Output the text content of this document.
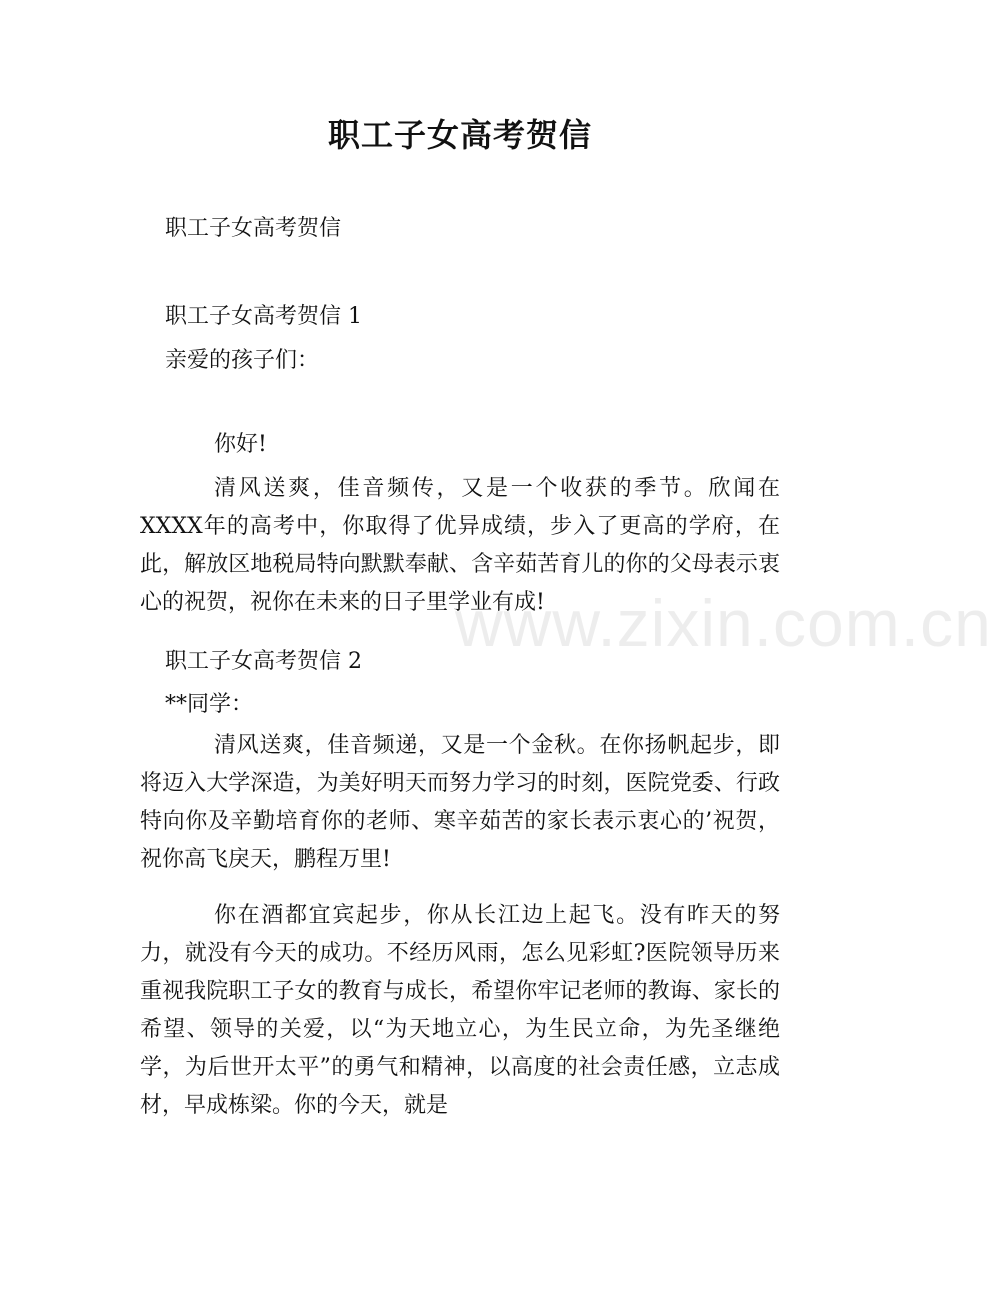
职工子女高考贺信
职工子女高考贺信
职工子女高考贺信 1
亲爱的孩子们：
你好!

清风送爽，佳音频传，又是一个收获的季节。欣闻在XXXX年的高考中，你取得了优异成绩，步入了更高的学府，在此，解放区地税局特向默默奉献、含辛茹苦育儿的你的父母表示衷心的祝贺，祝你在未来的日子里学业有成!

职工子女高考贺信 2
**同学：

清风送爽，佳音频递，又是一个金秋。在你扬帆起步，即将迈入大学深造，为美好明天而努力学习的时刻，医院党委、行政特向你及辛勤培育你的老师、寒辛茹苦的家长表示衷心的’祝贺，祝你高飞戾天，鹏程万里!

你在酒都宜宾起步，你从长江边上起飞。没有昨天的努力，就没有今天的成功。不经历风雨，怎么见彩虹?医院领导历来重视我院职工子女的教育与成长，希望你牢记老师的教诲、家长的希望、领导的关爱，以“为天地立心，为生民立命，为先圣继绝学，为后世开太平”的勇气和精神，以高度的社会责任感，立志成材，早成栋梁。你的今天，就是

www.zixin.com.cn
